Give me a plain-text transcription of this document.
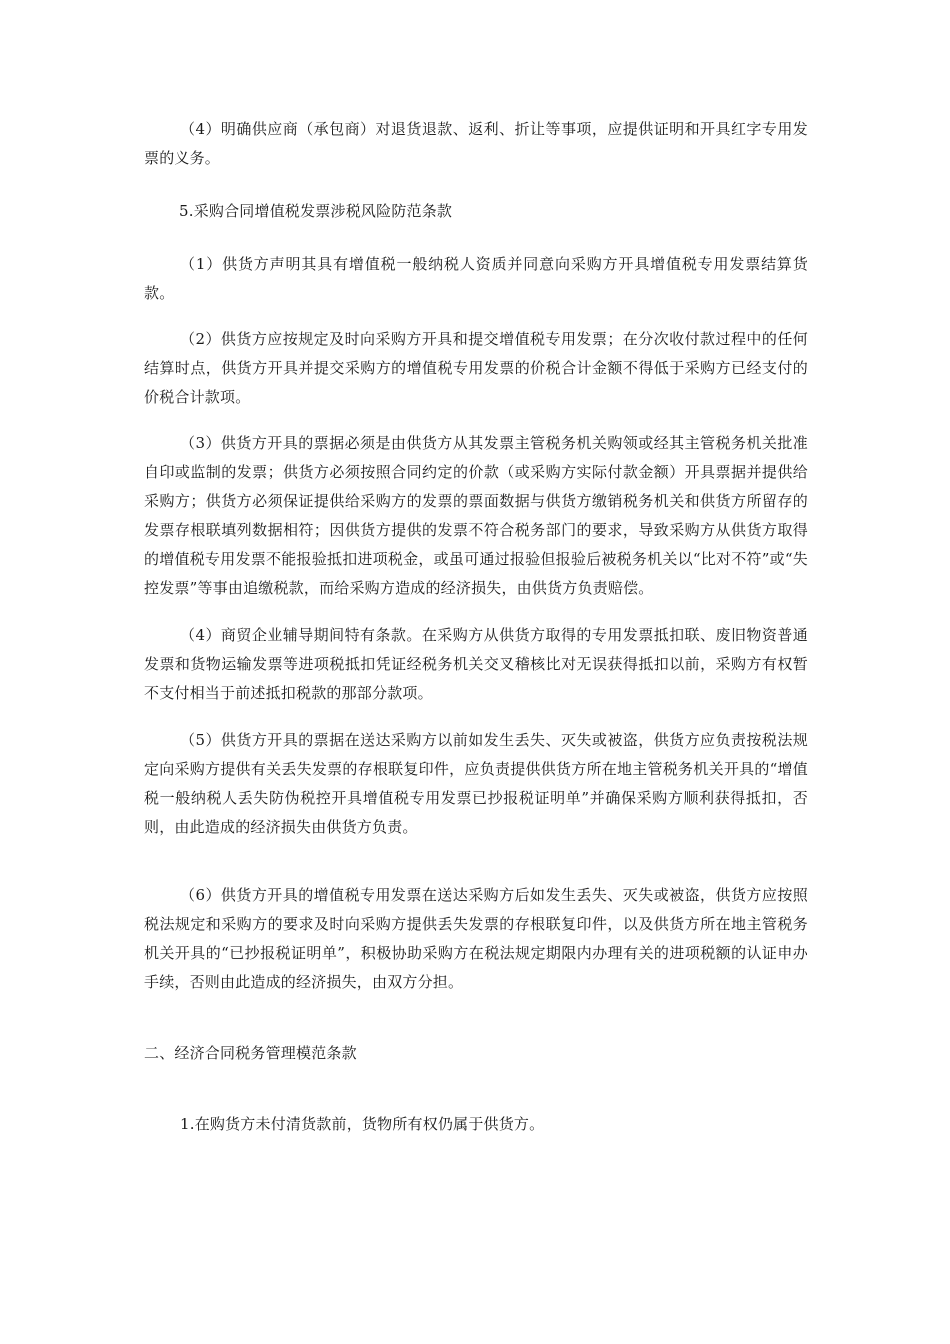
（4）明确供应商（承包商）对退货退款、返利、折让等事项，应提供证明和开具红字专用发票的义务。

5.采购合同增值税发票涉税风险防范条款

（1）供货方声明其具有增值税一般纳税人资质并同意向采购方开具增值税专用发票结算货款。

（2）供货方应按规定及时向采购方开具和提交增值税专用发票；在分次收付款过程中的任何结算时点，供货方开具并提交采购方的增值税专用发票的价税合计金额不得低于采购方已经支付的价税合计款项。

（3）供货方开具的票据必须是由供货方从其发票主管税务机关购领或经其主管税务机关批准自印或监制的发票；供货方必须按照合同约定的价款（或采购方实际付款金额）开具票据并提供给采购方；供货方必须保证提供给采购方的发票的票面数据与供货方缴销税务机关和供货方所留存的发票存根联填列数据相符；因供货方提供的发票不符合税务部门的要求，导致采购方从供货方取得的增值税专用发票不能报验抵扣进项税金，或虽可通过报验但报验后被税务机关以“比对不符”或“失控发票”等事由追缴税款，而给采购方造成的经济损失，由供货方负责赔偿。

（4）商贸企业辅导期间特有条款。在采购方从供货方取得的专用发票抵扣联、废旧物资普通发票和货物运输发票等进项税抵扣凭证经税务机关交叉稽核比对无误获得抵扣以前，采购方有权暂不支付相当于前述抵扣税款的那部分款项。

（5）供货方开具的票据在送达采购方以前如发生丢失、灭失或被盗，供货方应负责按税法规定向采购方提供有关丢失发票的存根联复印件，应负责提供供货方所在地主管税务机关开具的“增值税一般纳税人丢失防伪税控开具增值税专用发票已抄报税证明单”并确保采购方顺利获得抵扣，否则，由此造成的经济损失由供货方负责。

（6）供货方开具的增值税专用发票在送达采购方后如发生丢失、灭失或被盗，供货方应按照税法规定和采购方的要求及时向采购方提供丢失发票的存根联复印件，以及供货方所在地主管税务机关开具的“已抄报税证明单”，积极协助采购方在税法规定期限内办理有关的进项税额的认证申办手续，否则由此造成的经济损失，由双方分担。

二、经济合同税务管理模范条款

1.在购货方未付清货款前，货物所有权仍属于供货方。
